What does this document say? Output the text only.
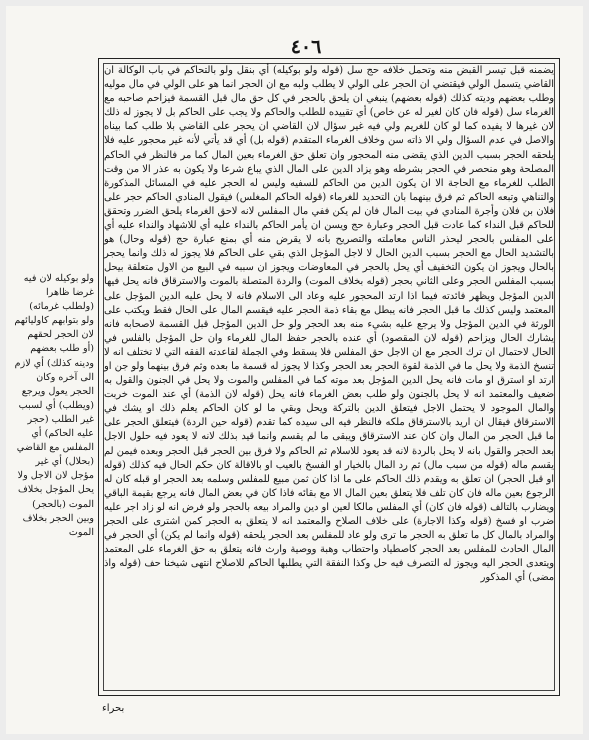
٤٠٦
يضمنه قبل تيسر القبض منه وتحمل خلافه حج سل (قوله ولو بوكيله) أي بنقل ولو بالتحاكم في باب الوكالة ان القاضي يتسمل الولي فيقتضي ان الحجر على الولي لا يطلب ولبه مع ان الحجر انما هو على الولي في مال موليه وطلب بعضهم وديته كذلك (قوله بعضهم) ينبغي ان يلحق بالحجر في كل حق مال قبل القسمة فيزاحم صاحبه مع الغرماء سل (قوله فان كان لغير له عن خاص) أي تقييده للطلب والحاكم ولا يجب على الحاكم بل لا يجوز له ذلك لان غيرها لا يفيده كما لو كان للغريم ولي فيه غير سؤال لان القاضي ان يحجر على القاضي بلا طلب كما بيناه والاصل في عدم السؤال ولي الا ذاته سن وخلاف الغرماء المتقدم (قوله بل) أي قد يأتي لأنه غير محجور عليه فلا يلحقه الحجر بسبب الدين الذي يقضى منه المحجور وان تعلق حق الغرماء بعين المال كما مر فالنظر في الحاكم المصلحة وهو منحصر في الحجر بشرطه وهو يزاد الدين على المال الذي يباع شرعا ولا يكون به عذر الا من وقت الطلب للغرماء مع الحاجة الا ان يكون الدين من الحاكم للسفيه وليس له الحجر عليه في المسائل المذكورة والتناهي وتبعه الحاكم ثم فرق بينهما بان التحديد للغرماء (قوله الحاكم المغلس) فيقول المنادي الحاكم حجر على فلان بن فلان وأجرة المنادي في بيت المال فان لم يكن ففي مال المفلس لانه لاحق الغرماء يلحق الضرر وتحقق للحاكم قبل النداء كما عادت قبل الحجر وعبارة حج ويسن ان يأمر الحاكم بالنداء عليه أي للاشهاد والنداء عليه أي على المفلس بالحجر ليحذر الناس معاملته والتصريح بانه لا يقرض منه أي بمنع عبارة حج (قوله وحال) هو بالتشديد الحال مع الحجر بسبب الدين الحال لا لاجل المؤجل الذي بقي على الحاكم فلا يجوز له ذلك وانما يحجر بالحال ويجوز ان يكون التخفيف أي يحل بالحجر في المعاوضات ويجوز ان سببه في البيع من الاول متعلقة بيحل بسبب المفلس الحجر وعلى الثاني بحجر (قوله بخلاف الموت) والردة المتصلة بالموت والاسترقاق فانه يحل فيها الدين المؤجل ويظهر فائدته فيما اذا ارتد المحجور عليه وعاد الى الاسلام فانه لا يحل عليه الدين المؤجل على المعتمد وليس كذلك ما قبل الحجر فانه يبطل مع بقاء ذمة الحجر عليه فيقسم المال على الحال فقط ويكتب على الورثة في الدين المؤجل ولا يرجع عليه بشيء منه بعد الحجر ولو حل الدين المؤجل قبل القسمة لاصحابه فانه يشارك الحال ويزاحم (قوله لان المقصود) أي عنده بالحجر حفظ المال للغرماء وان حل المؤجل بالفلس في الحال لاحتمال ان ترك الحجر مع ان الاجل حق المفلس فلا يسقط وفي الجملة لقاعدته الفقه التي لا تختلف انه لا تنسخ الذمة ولا يحل ما في الذمة لقوة الحجر بعد الحجر وكذا لا يجوز له قسمة ما بعده وثم فرق بينهما ولو جن او ارتد او استرق او مات فانه يحل الدين المؤجل بعد موته كما في المفلس والموت ولا يحل في الجنون والقول به ضعيف والمعتمد انه لا يحل بالجنون ولو طلب بعض الغرماء فانه يحل (قوله لان الذمة) أي عند الموت خربت والمال الموجود لا يحتمل الاجل فيتعلق الدين بالتركة ويحل وبقي ما لو كان الحاكم يعلم ذلك او يشك في الاسترقاق فيقال ان اريد بالاسترقاق ملكه فالنظر فيه الى سيده كما تقدم (قوله حين الردة) فيتعلق الحجر على ما قبل الحجر من المال وان كان عند الاسترقاق ويبقى ما لم يقسم وانما قيد بذلك لانه لا يعود فيه حلول الاجل بعد الحجر والقول بانه لا يحل بالردة لانه قد يعود للاسلام ثم الحاكم ولا فرق بين الحجر قبل الحجر وبعده فيمن لم يقسم ماله (قوله من سبب مال) ثم رد المال بالخيار او الفسخ بالعيب او بالاقالة كان حكم الحال فيه كذلك (قوله او قبل الحجر) ان تعلق به ويقدم ذلك الحاكم على ما اذا كان ثمن مبيع للمفلس وسلمه بعد الحجر او قبله كان له الرجوع بعين ماله فان كان تلف فلا يتعلق بعين المال الا مع بقائه فاذا كان في بعض المال فانه يرجع بقيمة الباقي ويضارب بالتالف (قوله فان كان) أي المفلس مالكا لعين او دين والمراد بيعه بالحجر ولو فرض انه لو زاد اجر عليه ضرب او فسخ (قوله وكذا الاجارة) على خلاف الصلاح والمعتمد انه لا يتعلق به الحجر كمن اشترى على الحجر والمراد بالمال كل ما تعلق به الحجر ما ترى ولو عاد للمفلس بعد الحجر يلحقه (قوله وانما لم يكن) أي الحجر في المال الحادث للمفلس بعد الحجر كاصطياد واحتطاب وهبة ووصية وارث فانه يتعلق به حق الغرماء على المعتمد ويتعدى الحجر اليه ويجوز له التصرف فيه حل وكذا النفقة التي يطلبها الحاكم للاصلاح انتهى شيخنا حف (قوله واذ مضى) أي المذكور
ولو بوكيله لان فيه غرضا ظاهرا (ولطلب غرمائه) ولو بتوابهم كاوليائهم لان الحجر لحقهم (أو طلب بعضهم ودينه كذلك) أي لازم الى آخره وكان الحجر يعول ويرجع (ويطلب) أي لسبب غير الطلب (حجر عليه الحاكم) أي المفلس مع القاضي (بحلال) أي غير مؤجل لان الاجل ولا يحل المؤجل بخلاف الموت (بالحجر) وبين الحجر بخلاف الموت
بحراء
